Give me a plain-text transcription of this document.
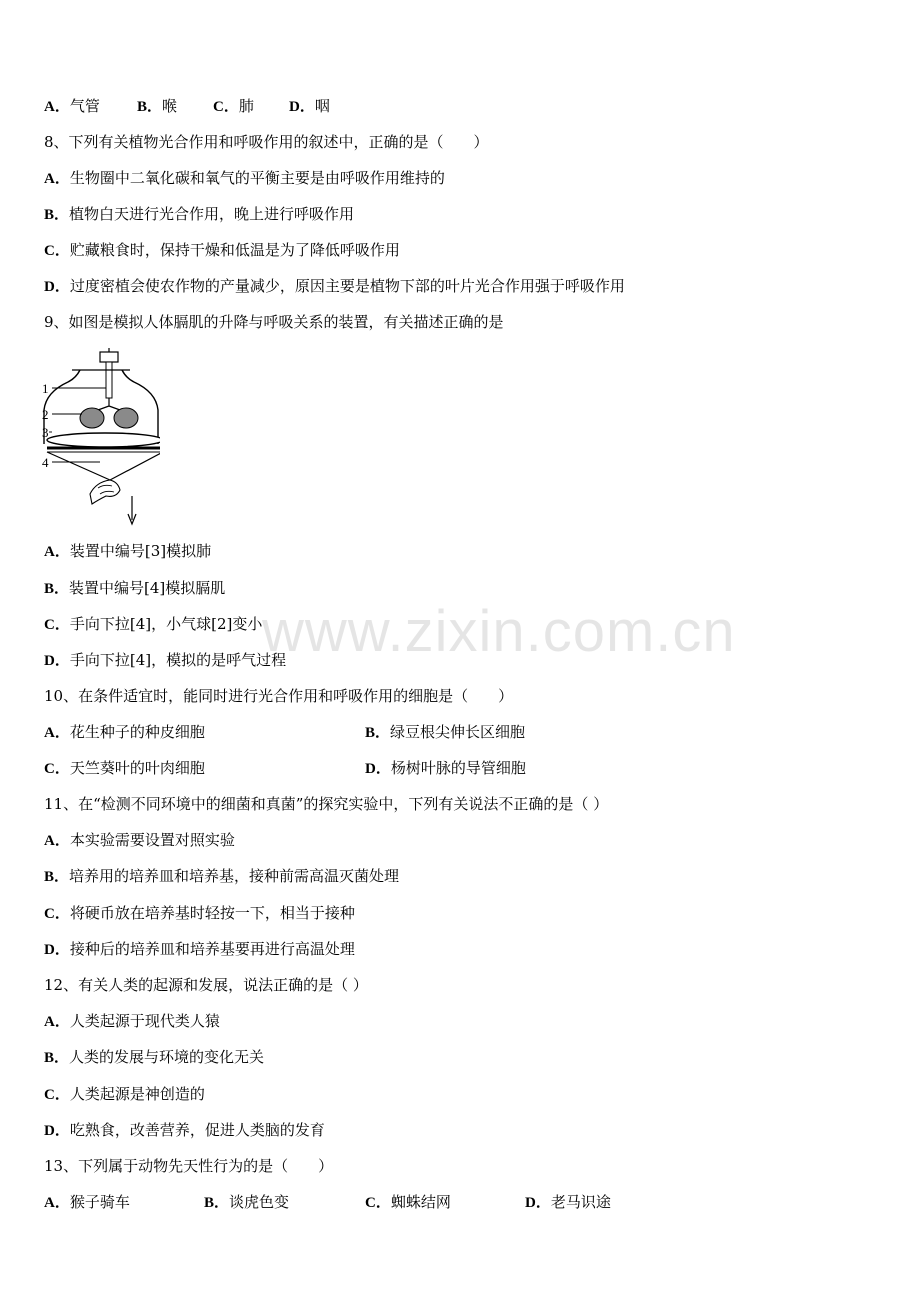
A．气管 B．喉 C．肺 D．咽
8、下列有关植物光合作用和呼吸作用的叙述中，正确的是（　　）
A．生物圈中二氧化碳和氧气的平衡主要是由呼吸作用维持的
B．植物白天进行光合作用，晚上进行呼吸作用
C．贮藏粮食时，保持干燥和低温是为了降低呼吸作用
D．过度密植会使农作物的产量减少，原因主要是植物下部的叶片光合作用强于呼吸作用
9、如图是模拟人体膈肌的升降与呼吸关系的装置，有关描述正确的是
1
2
3
4
A．装置中编号[3]模拟肺
B．装置中编号[4]模拟膈肌
C．手向下拉[4]，小气球[2]变小
D．手向下拉[4]，模拟的是呼气过程
www.zixin.com.cn
10、在条件适宜时，能同时进行光合作用和呼吸作用的细胞是（　　）
A．花生种子的种皮细胞	B．绿豆根尖伸长区细胞
C．天竺葵叶的叶肉细胞	D．杨树叶脉的导管细胞
11、在“检测不同环境中的细菌和真菌”的探究实验中，下列有关说法不正确的是（ ）
A．本实验需要设置对照实验
B．培养用的培养皿和培养基，接种前需高温灭菌处理
C．将硬币放在培养基时轻按一下，相当于接种
D．接种后的培养皿和培养基要再进行高温处理
12、有关人类的起源和发展，说法正确的是（ ）
A．人类起源于现代类人猿
B．人类的发展与环境的变化无关
C．人类起源是神创造的
D．吃熟食，改善营养，促进人类脑的发育
13、下列属于动物先天性行为的是（　　）
A．猴子骑车	B．谈虎色变	C．蜘蛛结网	D．老马识途
